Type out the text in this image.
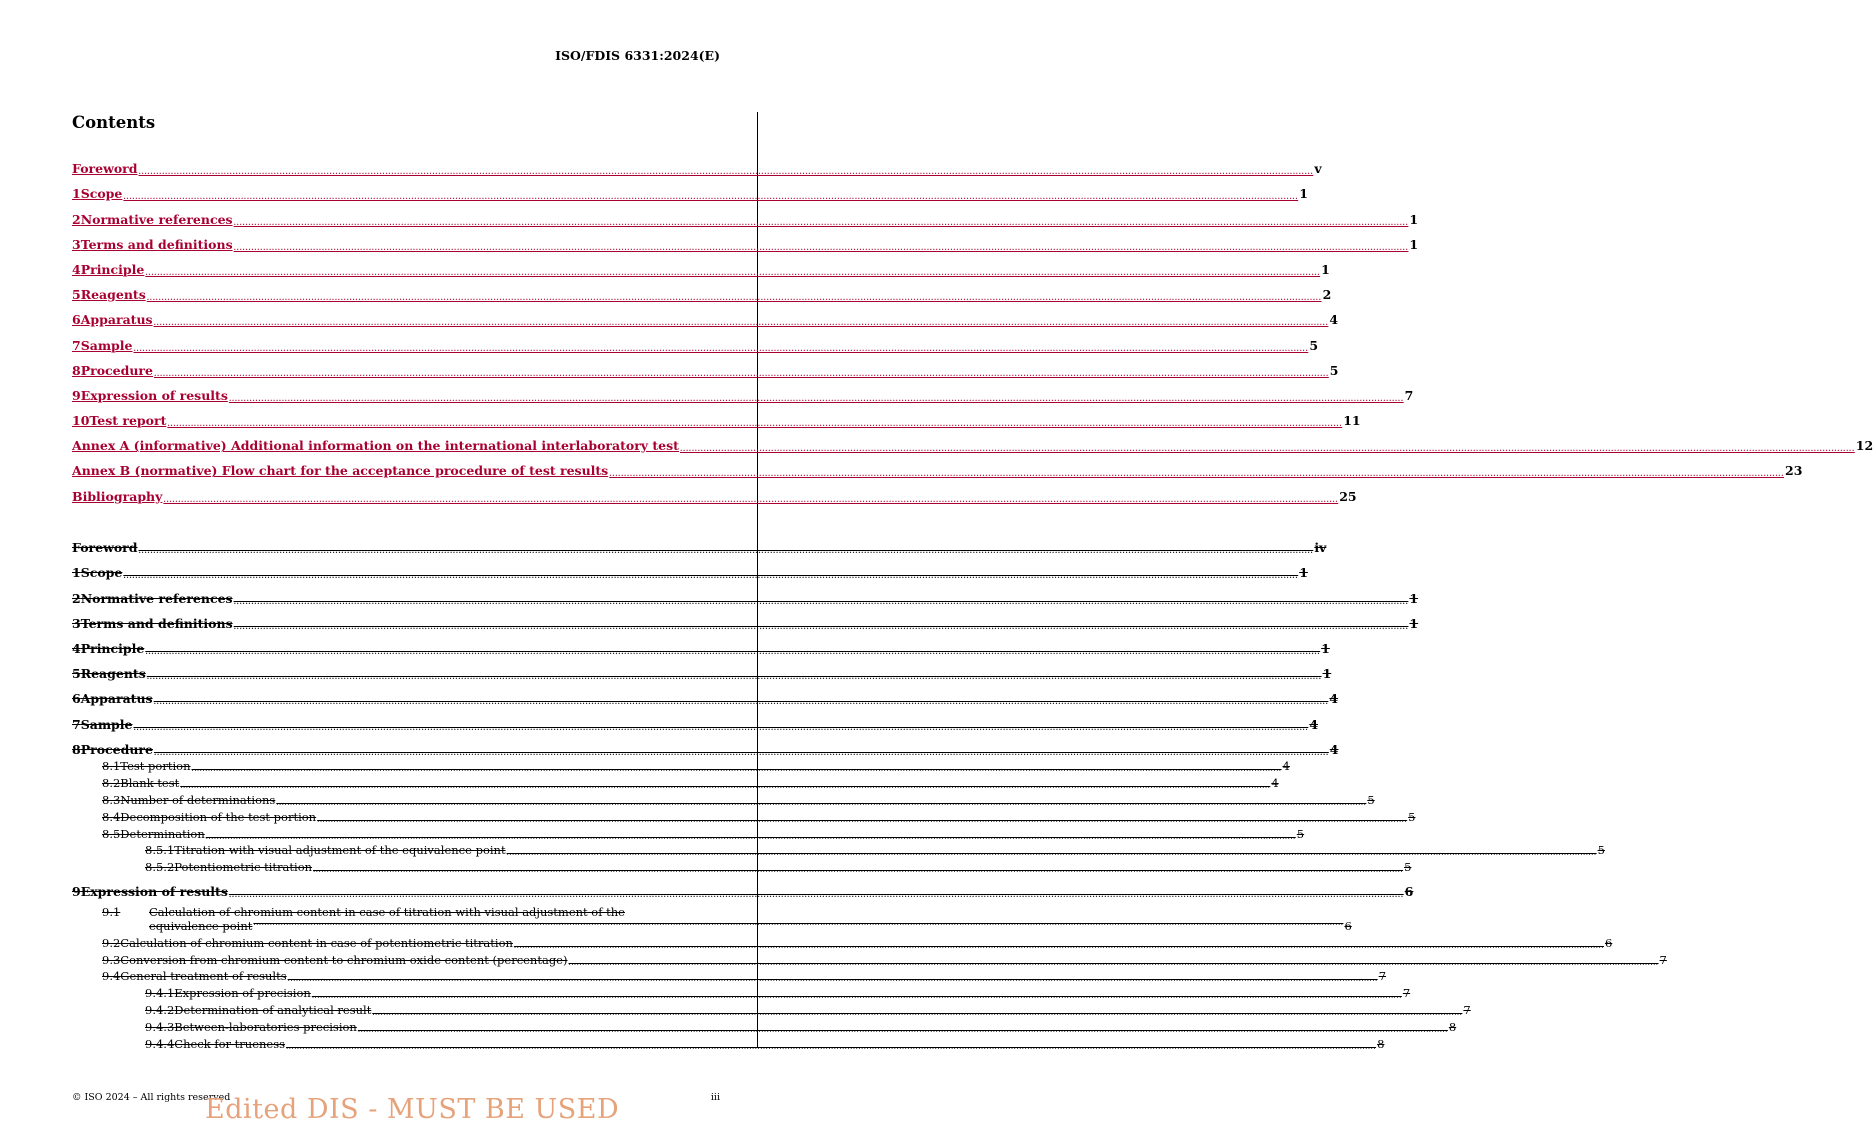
ISO/FDIS 6331:2024(E)
Contents
Foreword ................................................................................................................................................................................................................................................................................................................................................................................................................ v
1 Scope ................................................................................................................................................................................................................................................................................................................................................................................................................ 1
2 Normative references ................................................................................................................................................................................................................................................................................................................................................................................................................ 1
3 Terms and definitions ................................................................................................................................................................................................................................................................................................................................................................................................................ 1
4 Principle ................................................................................................................................................................................................................................................................................................................................................................................................................ 1
5 Reagents ................................................................................................................................................................................................................................................................................................................................................................................................................ 2
6 Apparatus ................................................................................................................................................................................................................................................................................................................................................................................................................ 4
7 Sample ................................................................................................................................................................................................................................................................................................................................................................................................................ 5
8 Procedure ................................................................................................................................................................................................................................................................................................................................................................................................................ 5
9 Expression of results ................................................................................................................................................................................................................................................................................................................................................................................................................ 7
10 Test report ................................................................................................................................................................................................................................................................................................................................................................................................................ 11
Annex A (informative) Additional information on the international interlaboratory test ................................................................................................................................................................................................................................................................................................................................................................................................................ 12
Annex B (normative) Flow chart for the acceptance procedure of test results ................................................................................................................................................................................................................................................................................................................................................................................................................ 23
Bibliography ................................................................................................................................................................................................................................................................................................................................................................................................................ 25
Foreword ................................................................................................................................................................................................................................................................................................................................................................................................................ iv
1 Scope ................................................................................................................................................................................................................................................................................................................................................................................................................ 1
2 Normative references ................................................................................................................................................................................................................................................................................................................................................................................................................ 1
3 Terms and definitions ................................................................................................................................................................................................................................................................................................................................................................................................................ 1
4 Principle ................................................................................................................................................................................................................................................................................................................................................................................................................ 1
5 Reagents ................................................................................................................................................................................................................................................................................................................................................................................................................ 1
6 Apparatus ................................................................................................................................................................................................................................................................................................................................................................................................................ 4
7 Sample ................................................................................................................................................................................................................................................................................................................................................................................................................ 4
8 Procedure ................................................................................................................................................................................................................................................................................................................................................................................................................ 4
8.1 Test portion ................................................................................................................................................................................................................................................................................................................................................................................................................ 4
8.2 Blank test ................................................................................................................................................................................................................................................................................................................................................................................................................ 4
8.3 Number of determinations ................................................................................................................................................................................................................................................................................................................................................................................................................ 5
8.4 Decomposition of the test portion ................................................................................................................................................................................................................................................................................................................................................................................................................ 5
8.5 Determination ................................................................................................................................................................................................................................................................................................................................................................................................................ 5
8.5.1 Titration with visual adjustment of the equivalence point ................................................................................................................................................................................................................................................................................................................................................................................................................ 5
8.5.2 Potentiometric titration ................................................................................................................................................................................................................................................................................................................................................................................................................ 5
9 Expression of results ................................................................................................................................................................................................................................................................................................................................................................................................................ 6
9.1	Calculation of chromium content in case of titration with visual adjustment of the
equivalence point ................................................................................................................................................................................................................................................................................................................................................................................................................ 6
9.2 Calculation of chromium content in case of potentiometric titration ................................................................................................................................................................................................................................................................................................................................................................................................................ 6
9.3 Conversion from chromium content to chromium oxide content (percentage) ................................................................................................................................................................................................................................................................................................................................................................................................................ 7
9.4 General treatment of results ................................................................................................................................................................................................................................................................................................................................................................................................................ 7
9.4.1 Expression of precision ................................................................................................................................................................................................................................................................................................................................................................................................................ 7
9.4.2 Determination of analytical result ................................................................................................................................................................................................................................................................................................................................................................................................................ 7
9.4.3 Between-laboratories precision ................................................................................................................................................................................................................................................................................................................................................................................................................ 8
9.4.4 Check for trueness ................................................................................................................................................................................................................................................................................................................................................................................................................ 8
© ISO 2024 – All rights reserved
Edited DIS - MUST BE USED	iii
